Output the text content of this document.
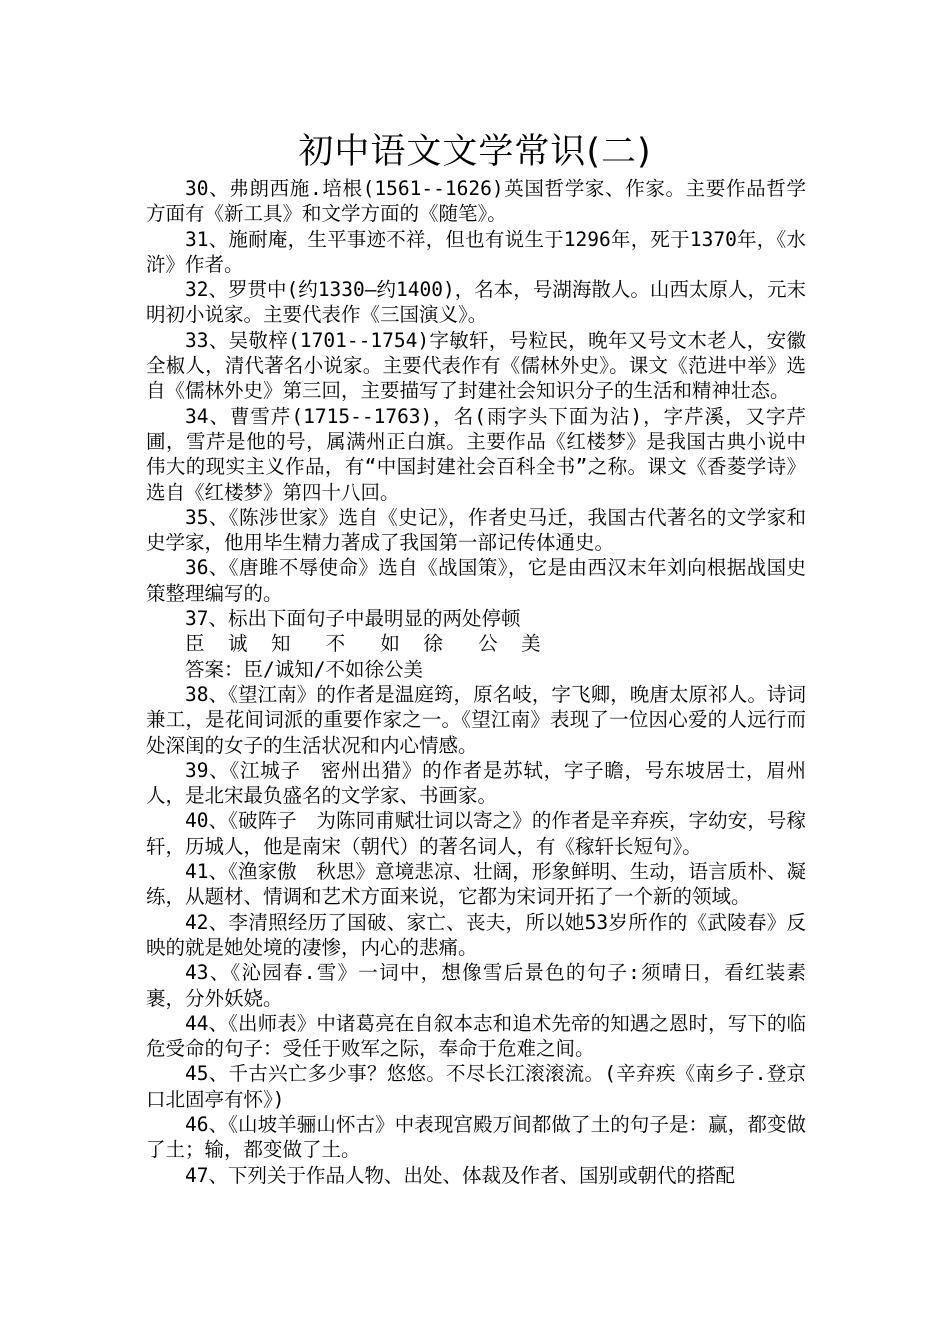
初中语文文学常识(二)

30、弗朗西施.培根(1561--1626)英国哲学家、作家。主要作品哲学方面有《新工具》和文学方面的《随笔》。

31、施耐庵，生平事迹不祥，但也有说生于1296年，死于1370年，《水浒》作者。

32、罗贯中(约1330—约1400)，名本，号湖海散人。山西太原人，元末明初小说家。主要代表作《三国演义》。

33、吴敬梓(1701--1754)字敏轩，号粒民，晚年又号文木老人，安徽全椒人，清代著名小说家。主要代表作有《儒林外史》。课文《范进中举》选自《儒林外史》第三回，主要描写了封建社会知识分子的生活和精神壮态。

34、曹雪芹(1715--1763)，名(雨字头下面为沾)，字芹溪，又字芹圃，雪芹是他的号，属满州正白旗。主要作品《红楼梦》是我国古典小说中伟大的现实主义作品，有“中国封建社会百科全书”之称。课文《香菱学诗》选自《红楼梦》第四十八回。

35、《陈涉世家》选自《史记》，作者史马迁，我国古代著名的文学家和史学家，他用毕生精力著成了我国第一部记传体通史。

36、《唐雎不辱使命》选自《战国策》，它是由西汉末年刘向根据战国史策整理编写的。

37、标出下面句子中最明显的两处停顿

臣  诚  知   不   如  徐   公  美

答案：臣/诚知/不如徐公美

38、《望江南》的作者是温庭筠，原名岐，字飞卿，晚唐太原祁人。诗词兼工，是花间词派的重要作家之一。《望江南》表现了一位因心爱的人远行而处深闺的女子的生活状况和内心情感。

39、《江城子　密州出猎》的作者是苏轼，字子瞻，号东坡居士，眉州人，是北宋最负盛名的文学家、书画家。

40、《破阵子　为陈同甫赋壮词以寄之》的作者是辛弃疾，字幼安，号稼轩，历城人，他是南宋（朝代）的著名词人，有《稼轩长短句》。

41、《渔家傲　秋思》意境悲凉、壮阔，形象鲜明、生动，语言质朴、凝练，从题材、情调和艺术方面来说，它都为宋词开拓了一个新的领域。

42、李清照经历了国破、家亡、丧夫，所以她53岁所作的《武陵春》反映的就是她处境的凄惨，内心的悲痛。

43、《沁园春.雪》一词中，想像雪后景色的句子:须晴日，看红装素裹，分外妖娆。

44、《出师表》中诸葛亮在自叙本志和追术先帝的知遇之恩时，写下的临危受命的句子：受任于败军之际，奉命于危难之间。

45、千古兴亡多少事？悠悠。不尽长江滚滚流。(辛弃疾《南乡子.登京口北固亭有怀》)

46、《山坡羊骊山怀古》中表现宫殿万间都做了土的句子是：赢，都变做了土；输，都变做了土。

47、下列关于作品人物、出处、体裁及作者、国别或朝代的搭配
